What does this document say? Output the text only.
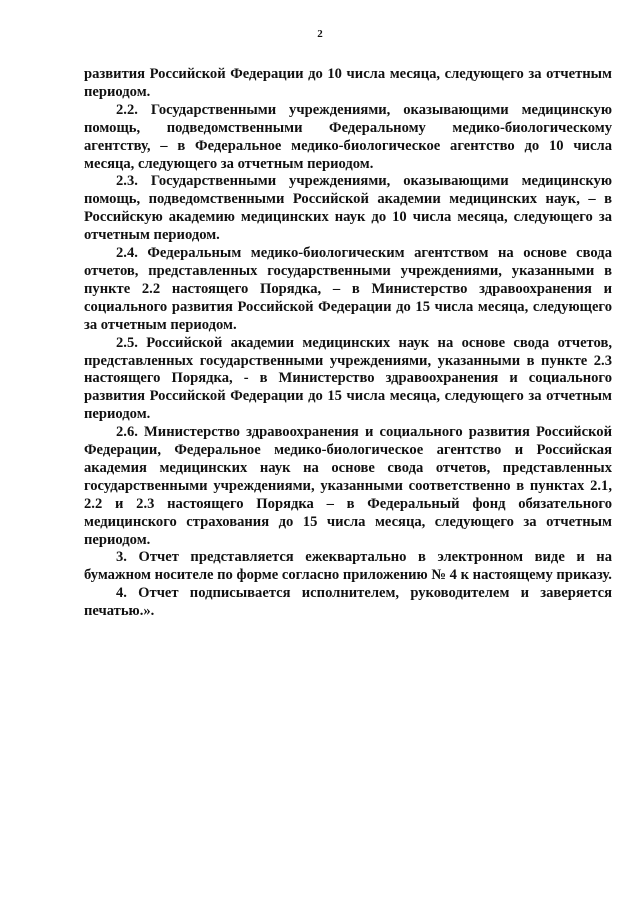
2

развития Российской Федерации до 10 числа месяца, следующего за отчетным периодом.

2.2. Государственными учреждениями, оказывающими медицинскую помощь, подведомственными Федеральному медико-биологическому агентству, – в Федеральное медико-биологическое агентство до 10 числа месяца, следующего за отчетным периодом.

2.3. Государственными учреждениями, оказывающими медицинскую помощь, подведомственными Российской академии медицинских наук, – в Российскую академию медицинских наук до 10 числа месяца, следующего за отчетным периодом.

2.4. Федеральным медико-биологическим агентством на основе свода отчетов, представленных государственными учреждениями, указанными в пункте 2.2 настоящего Порядка, – в Министерство здравоохранения и социального развития Российской Федерации до 15 числа месяца, следующего за отчетным периодом.

2.5. Российской академии медицинских наук на основе свода отчетов, представленных государственными учреждениями, указанными в пункте 2.3 настоящего Порядка, - в Министерство здравоохранения и социального развития Российской Федерации до 15 числа месяца, следующего за отчетным периодом.

2.6. Министерство здравоохранения и социального развития Российской Федерации, Федеральное медико-биологическое агентство и Российская академия медицинских наук на основе свода отчетов, представленных государственными учреждениями, указанными соответственно в пунктах 2.1, 2.2 и 2.3 настоящего Порядка – в Федеральный фонд обязательного медицинского страхования до 15 числа месяца, следующего за отчетным периодом.

3. Отчет представляется ежеквартально в электронном виде и на бумажном носителе по форме согласно приложению № 4 к настоящему приказу.

4. Отчет подписывается исполнителем, руководителем и заверяется печатью.».
